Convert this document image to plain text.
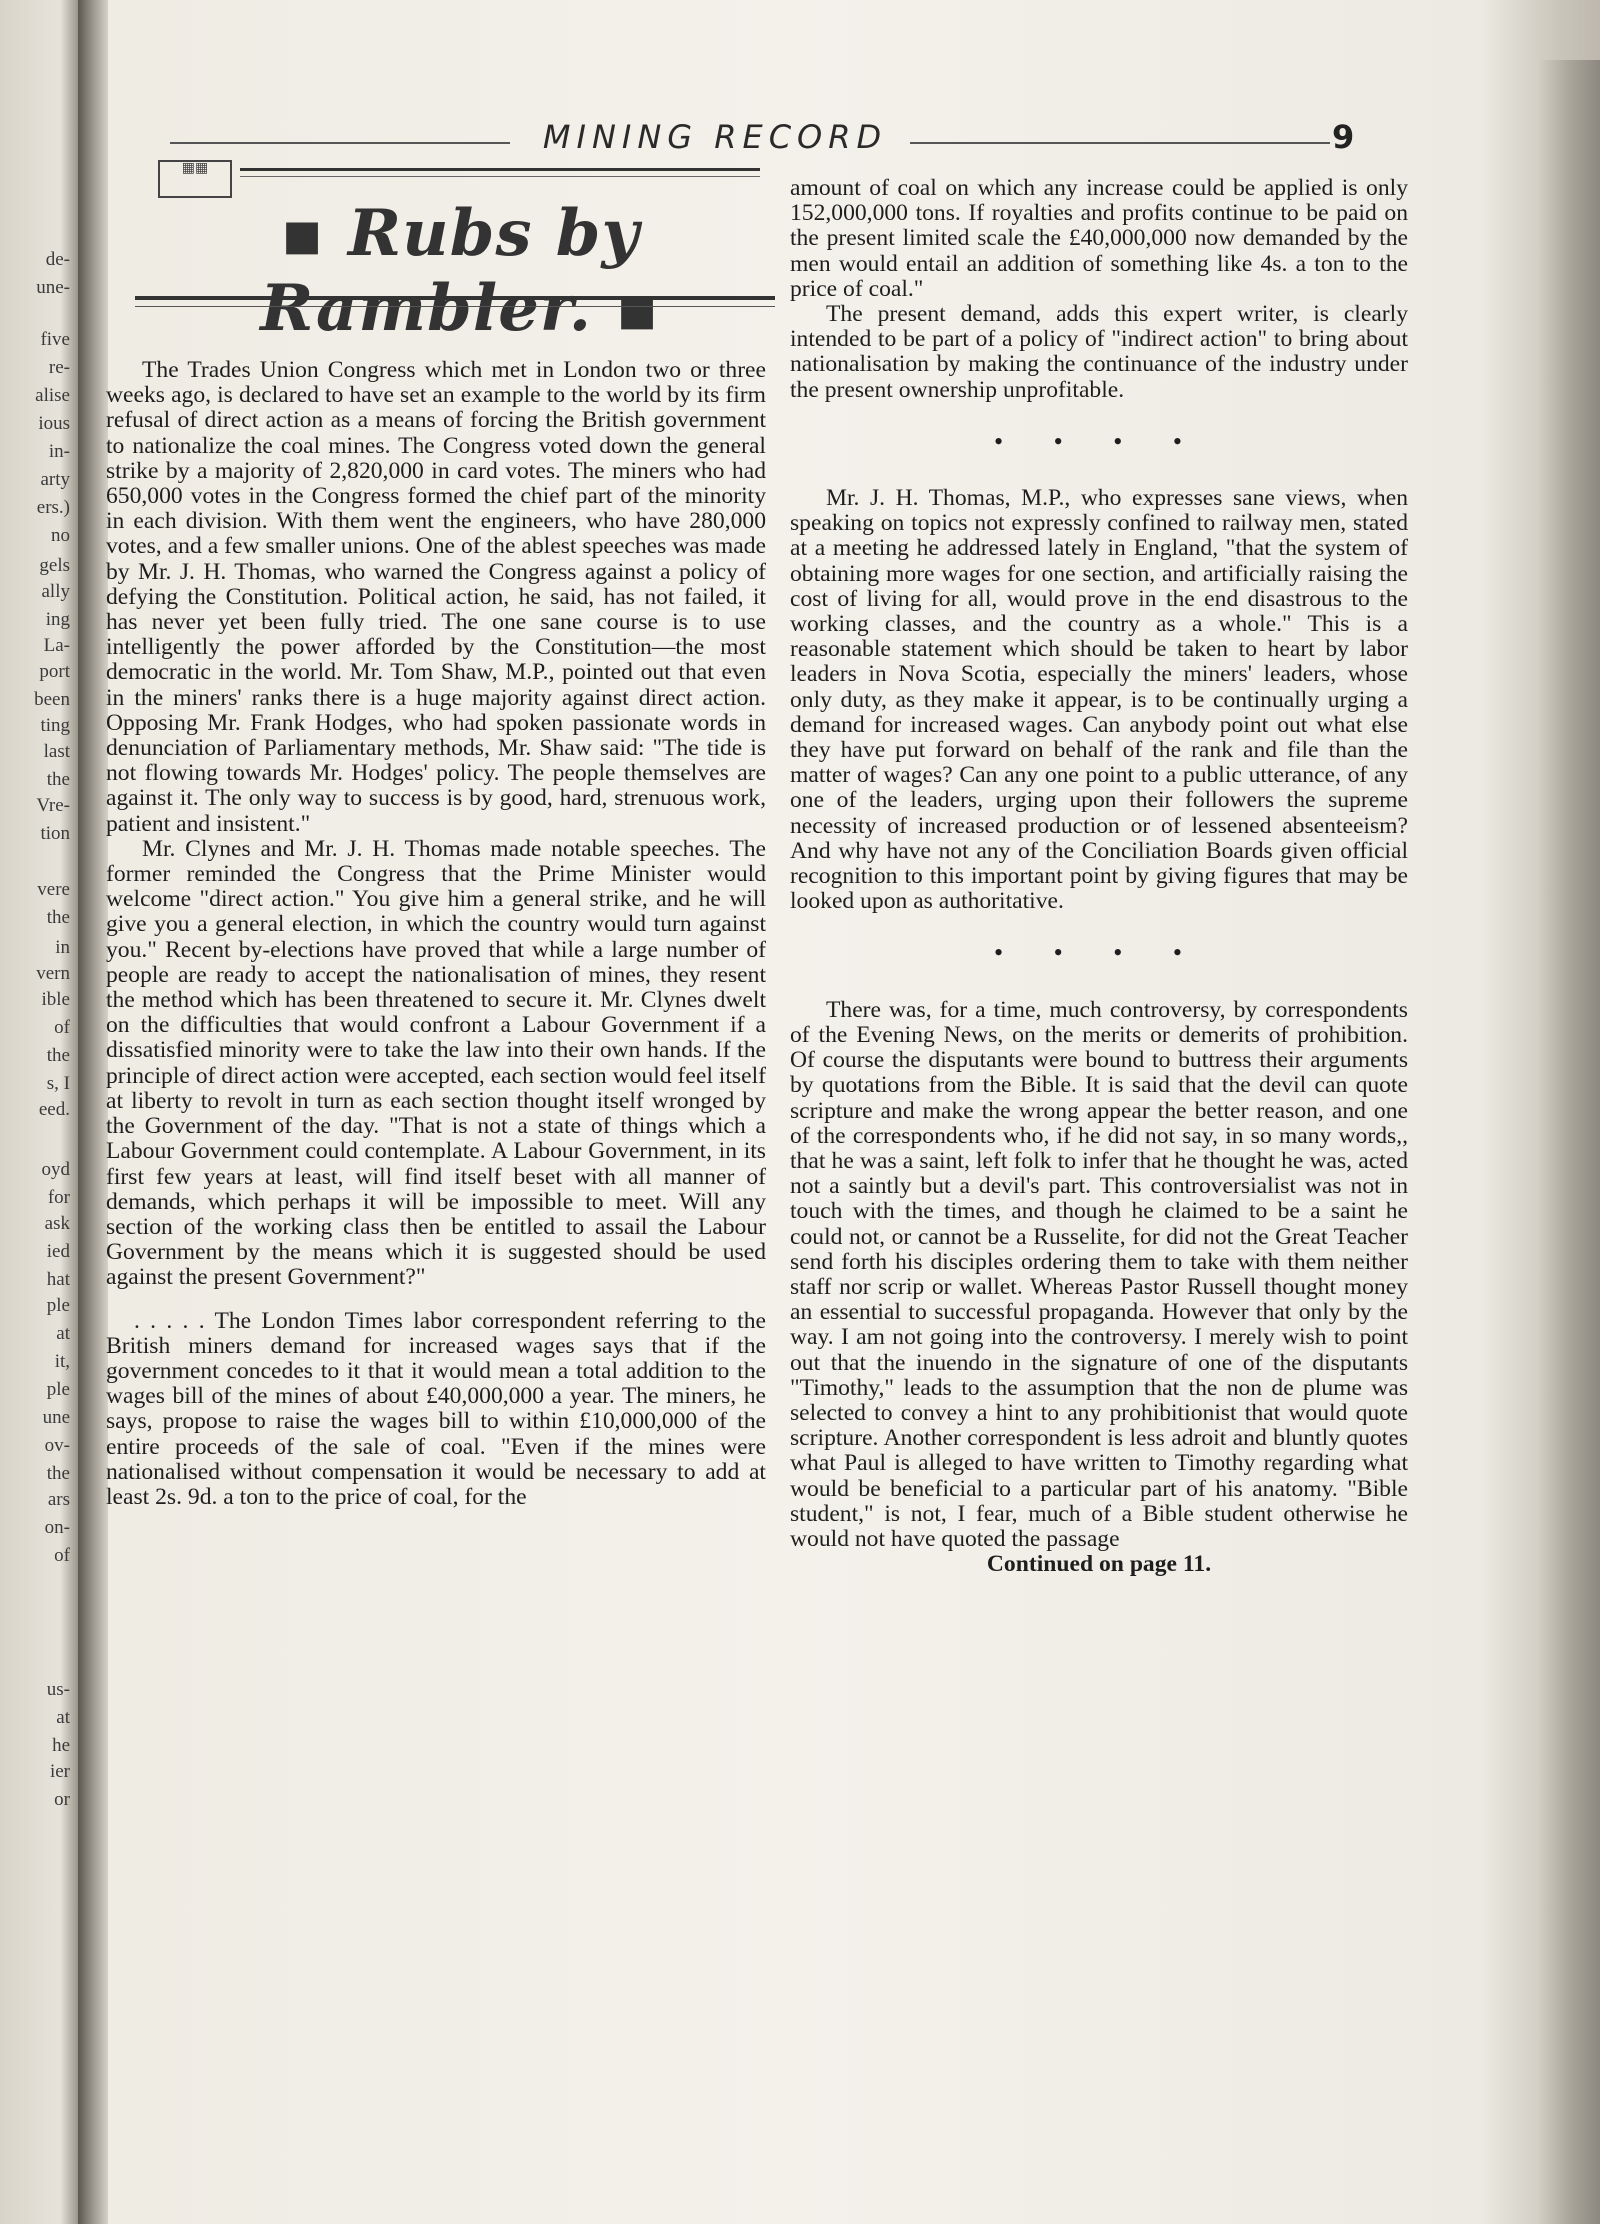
de-
une-
five
re-
alise
ious
in-
arty
ers.)
no
gels
ally
ing
La-
port
been
ting
last
the
Vre-
tion
vere
the
in
vern
ible
of
the
s, I
eed.
oyd
for
ask
ied
hat
ple
at
it,
ple
une
ov-
the
ars
on-
of
us-
at
he
ier
or
MINING RECORD	9
▦▦
▪ Rubs by Rambler. ▪

The Trades Union Congress which met in London two or three weeks ago, is declared to have set an example to the world by its firm refusal of direct action as a means of forcing the British government to nationalize the coal mines. The Congress voted down the general strike by a majority of 2,820,000 in card votes. The miners who had 650,000 votes in the Congress formed the chief part of the minority in each division. With them went the engineers, who have 280,000 votes, and a few smaller unions. One of the ablest speeches was made by Mr. J. H. Thomas, who warned the Congress against a policy of defying the Constitution. Political action, he said, has not failed, it has never yet been fully tried. The one sane course is to use intelligently the power afforded by the Constitution—the most democratic in the world. Mr. Tom Shaw, M.P., pointed out that even in the miners' ranks there is a huge majority against direct action. Opposing Mr. Frank Hodges, who had spoken passionate words in denunciation of Parliamentary methods, Mr. Shaw said: "The tide is not flowing towards Mr. Hodges' policy. The people themselves are against it. The only way to success is by good, hard, strenuous work, patient and insistent."

Mr. Clynes and Mr. J. H. Thomas made notable speeches. The former reminded the Congress that the Prime Minister would welcome "direct action." You give him a general strike, and he will give you a general election, in which the country would turn against you." Recent by-elections have proved that while a large number of people are ready to accept the nationalisation of mines, they resent the method which has been threatened to secure it. Mr. Clynes dwelt on the difficulties that would confront a Labour Government if a dissatisfied minority were to take the law into their own hands. If the principle of direct action were accepted, each section would feel itself at liberty to revolt in turn as each section thought itself wronged by the Government of the day. "That is not a state of things which a Labour Government could contemplate. A Labour Government, in its first few years at least, will find itself beset with all manner of demands, which perhaps it will be impossible to meet. Will any section of the working class then be entitled to assail the Labour Government by the means which it is suggested should be used against the present Government?"

. . . . . The London Times labor correspondent referring to the British miners demand for increased wages says that if the government concedes to it that it would mean a total addition to the wages bill of the mines of about £40,000,000 a year. The miners, he says, propose to raise the wages bill to within £10,000,000 of the entire proceeds of the sale of coal. "Even if the mines were nationalised without compensation it would be necessary to add at least 2s. 9d. a ton to the price of coal, for the

amount of coal on which any increase could be applied is only 152,000,000 tons. If royalties and profits continue to be paid on the present limited scale the £40,000,000 now demanded by the men would entail an addition of something like 4s. a ton to the price of coal."

The present demand, adds this expert writer, is clearly intended to be part of a policy of "indirect action" to bring about nationalisation by making the continuance of the industry under the present ownership unprofitable.

• • • •

Mr. J. H. Thomas, M.P., who expresses sane views, when speaking on topics not expressly confined to railway men, stated at a meeting he addressed lately in England, "that the system of obtaining more wages for one section, and artificially raising the cost of living for all, would prove in the end disastrous to the working classes, and the country as a whole." This is a reasonable statement which should be taken to heart by labor leaders in Nova Scotia, especially the miners' leaders, whose only duty, as they make it appear, is to be continually urging a demand for increased wages. Can anybody point out what else they have put forward on behalf of the rank and file than the matter of wages? Can any one point to a public utterance, of any one of the leaders, urging upon their followers the supreme necessity of increased production or of lessened absenteeism? And why have not any of the Conciliation Boards given official recognition to this important point by giving figures that may be looked upon as authoritative.

• • • •

There was, for a time, much controversy, by correspondents of the Evening News, on the merits or demerits of prohibition. Of course the disputants were bound to buttress their arguments by quotations from the Bible. It is said that the devil can quote scripture and make the wrong appear the better reason, and one of the correspondents who, if he did not say, in so many words,, that he was a saint, left folk to infer that he thought he was, acted not a saintly but a devil's part. This controversialist was not in touch with the times, and though he claimed to be a saint he could not, or cannot be a Russelite, for did not the Great Teacher send forth his disciples ordering them to take with them neither staff nor scrip or wallet. Whereas Pastor Russell thought money an essential to successful propaganda. However that only by the way. I am not going into the controversy. I merely wish to point out that the inuendo in the signature of one of the disputants "Timothy," leads to the assumption that the non de plume was selected to convey a hint to any prohibitionist that would quote scripture. Another correspondent is less adroit and bluntly quotes what Paul is alleged to have written to Timothy regarding what would be beneficial to a particular part of his anatomy. "Bible student," is not, I fear, much of a Bible student otherwise he would not have quoted the passage

Continued on page 11.
